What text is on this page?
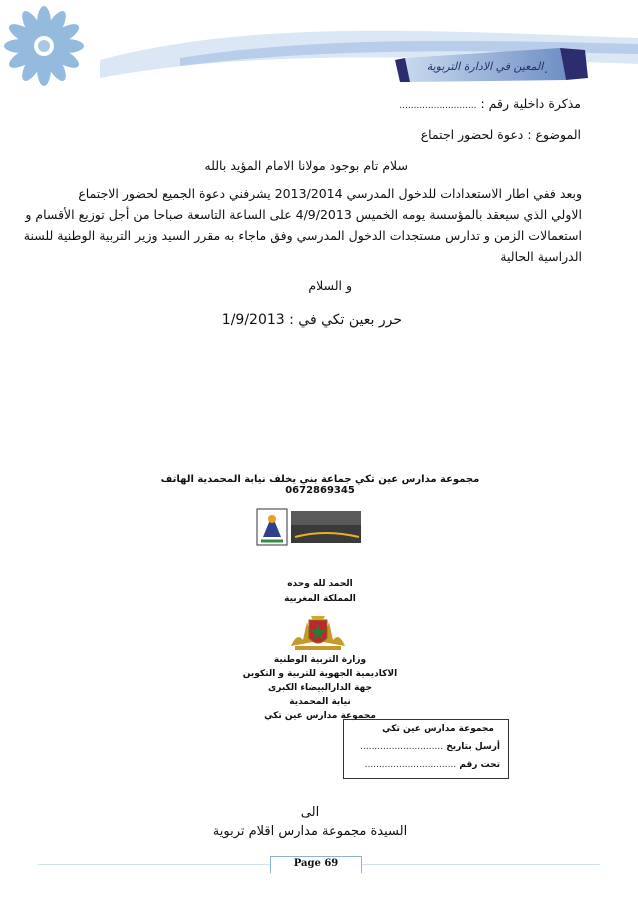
المعين في الادارة التربوية .
مذكرة داخلية رقم : ...........................
الموضوع : دعوة لحضور اجتماع
سلام تام بوجود مولانا الامام المؤيد بالله
وبعد ففي اطار الاستعدادات للدخول المدرسي 2013/2014 يشرفني دعوة الجميع لحضور الاجتماع
الاولي الذي سيعقد بالمؤسسة يومه الخميس 4/9/2013 على الساعة التاسعة صباحا من أجل توزيع الأقسام و
استعمالات الزمن و تدارس مستجدات الدخول المدرسي وفق ماجاء به مقرر السيد وزير التربية الوطنية للسنة
الدراسية الحالية
و السلام
حرر بعين تكي في : 1/9/2013
مجموعة مدارس عين تكي جماعة بني يخلف نيابة المحمدية الهاتف 0672869345
الحمد لله وحده
المملكة المغربية
وزارة التربية الوطنية
الاكاديمية الجهوية للتربية و التكوين
جهة الدارالبيضاء الكبرى
نيابة المحمدية
مجموعة مدارس عين تكي
مجموعة مدارس عين تكي
أرسل بتاريخ .............................
تحت رقم ................................
الى
السيدة مجموعة مدارس اقلام تربوية
Page 69
